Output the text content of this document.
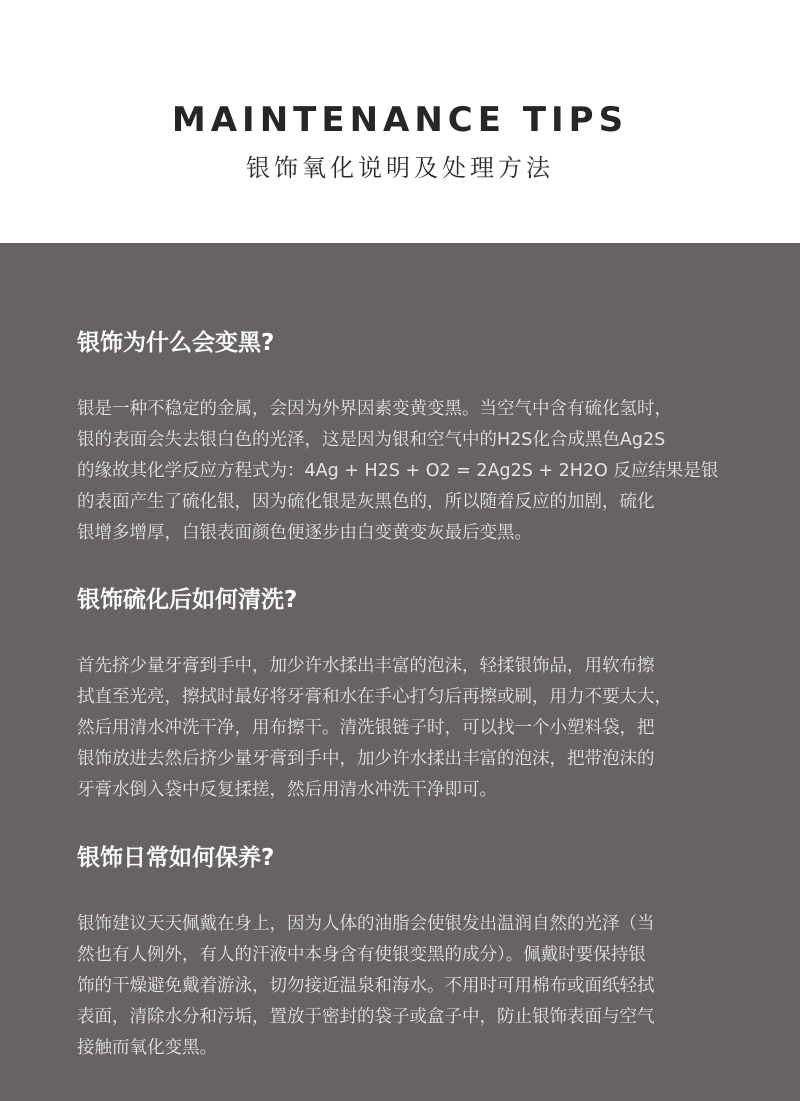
MAINTENANCE TIPS
银饰氧化说明及处理方法
银饰为什么会变黑?
银是一种不稳定的金属，会因为外界因素变黄变黑。当空气中含有硫化氢时，
银的表面会失去银白色的光泽，这是因为银和空气中的H2S化合成黑色Ag2S
的缘故其化学反应方程式为：4Ag + H2S + O2 = 2Ag2S + 2H2O 反应结果是银
的表面产生了硫化银，因为硫化银是灰黑色的，所以随着反应的加剧，硫化
银增多增厚，白银表面颜色便逐步由白变黄变灰最后变黑。
银饰硫化后如何清洗?
首先挤少量牙膏到手中，加少许水揉出丰富的泡沫，轻揉银饰品，用软布擦
拭直至光亮，擦拭时最好将牙膏和水在手心打匀后再擦或刷，用力不要太大，
然后用清水冲洗干净，用布擦干。清洗银链子时，可以找一个小塑料袋，把
银饰放进去然后挤少量牙膏到手中，加少许水揉出丰富的泡沫，把带泡沫的
牙膏水倒入袋中反复揉搓，然后用清水冲洗干净即可。
银饰日常如何保养?
银饰建议天天佩戴在身上，因为人体的油脂会使银发出温润自然的光泽（当
然也有人例外，有人的汗液中本身含有使银变黑的成分）。佩戴时要保持银
饰的干燥避免戴着游泳，切勿接近温泉和海水。不用时可用棉布或面纸轻拭
表面，清除水分和污垢，置放于密封的袋子或盒子中，防止银饰表面与空气
接触而氧化变黑。
